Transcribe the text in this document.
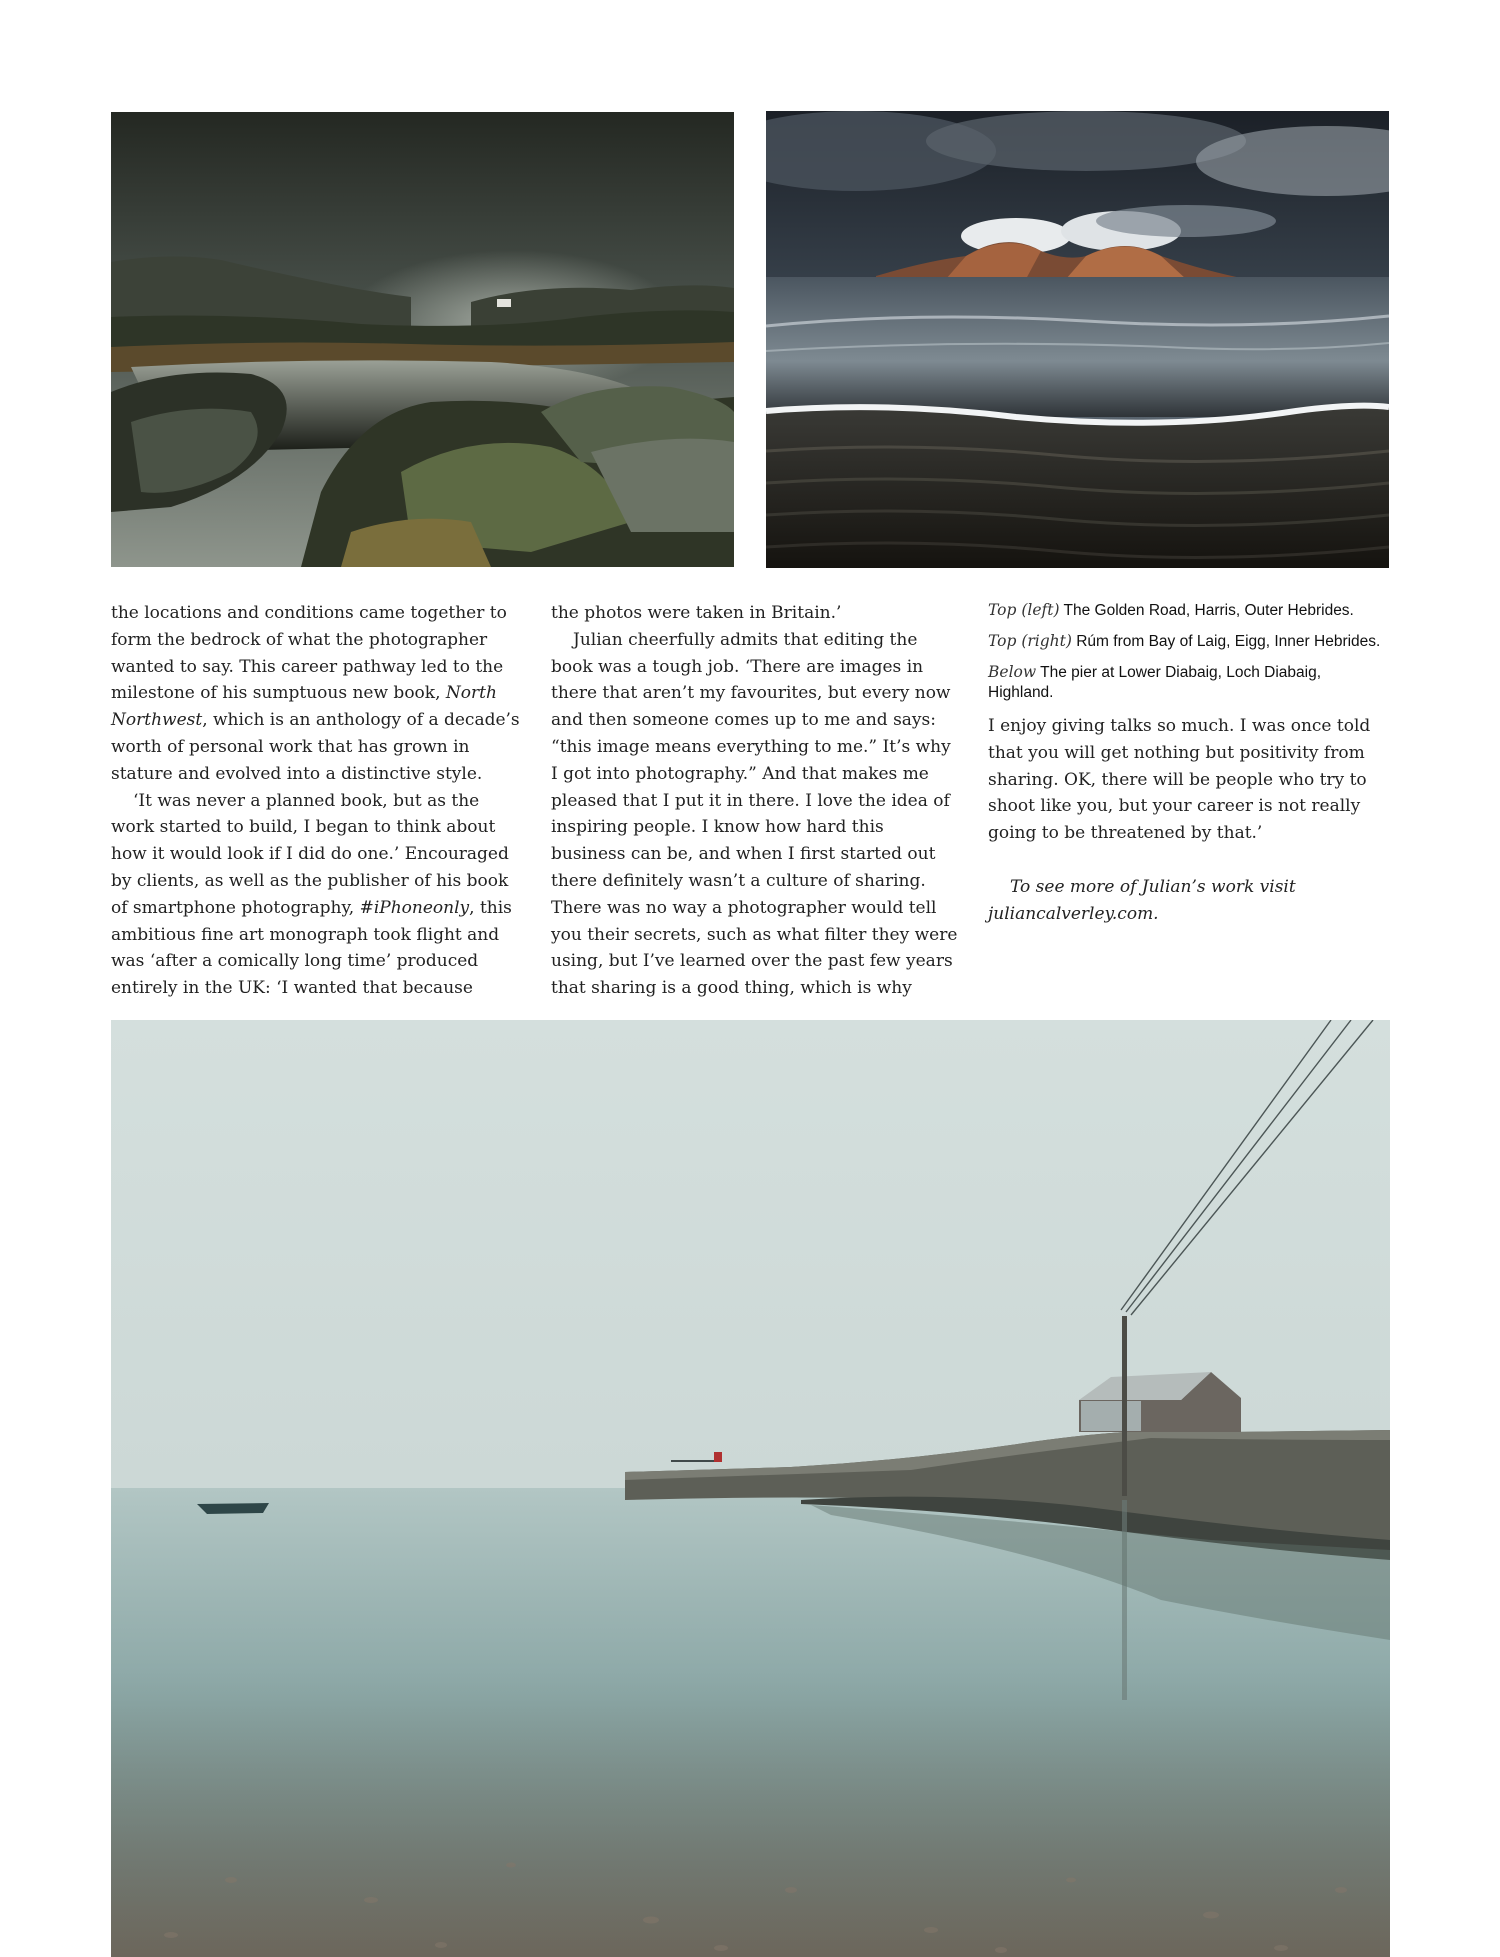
the locations and conditions came together to form the bedrock of what the photographer wanted to say. This career pathway led to the milestone of his sumptuous new book, North Northwest, which is an anthology of a decade’s worth of personal work that has grown in stature and evolved into a distinctive style.

‘It was never a planned book, but as the work started to build, I began to think about how it would look if I did do one.’ Encouraged by clients, as well as the publisher of his book of smartphone photography, #iPhoneonly, this ambitious fine art monograph took flight and was ‘after a comically long time’ produced entirely in the UK: ‘I wanted that because

the photos were taken in Britain.’

Julian cheerfully admits that editing the book was a tough job. ‘There are images in there that aren’t my favourites, but every now and then someone comes up to me and says: “this image means everything to me.” It’s why I got into photography.” And that makes me pleased that I put it in there. I love the idea of inspiring people. I know how hard this business can be, and when I first started out there definitely wasn’t a culture of sharing. There was no way a photographer would tell you their secrets, such as what filter they were using, but I’ve learned over the past few years that sharing is a good thing, which is why

Top (left) The Golden Road, Harris, Outer Hebrides.
Top (right) Rúm from Bay of Laig, Eigg, Inner Hebrides.
Below The pier at Lower Diabaig, Loch Diabaig, Highland.

I enjoy giving talks so much. I was once told that you will get nothing but positivity from sharing. OK, there will be people who try to shoot like you, but your career is not really going to be threatened by that.’

To see more of Julian’s work visit
juliancalverley.com.
